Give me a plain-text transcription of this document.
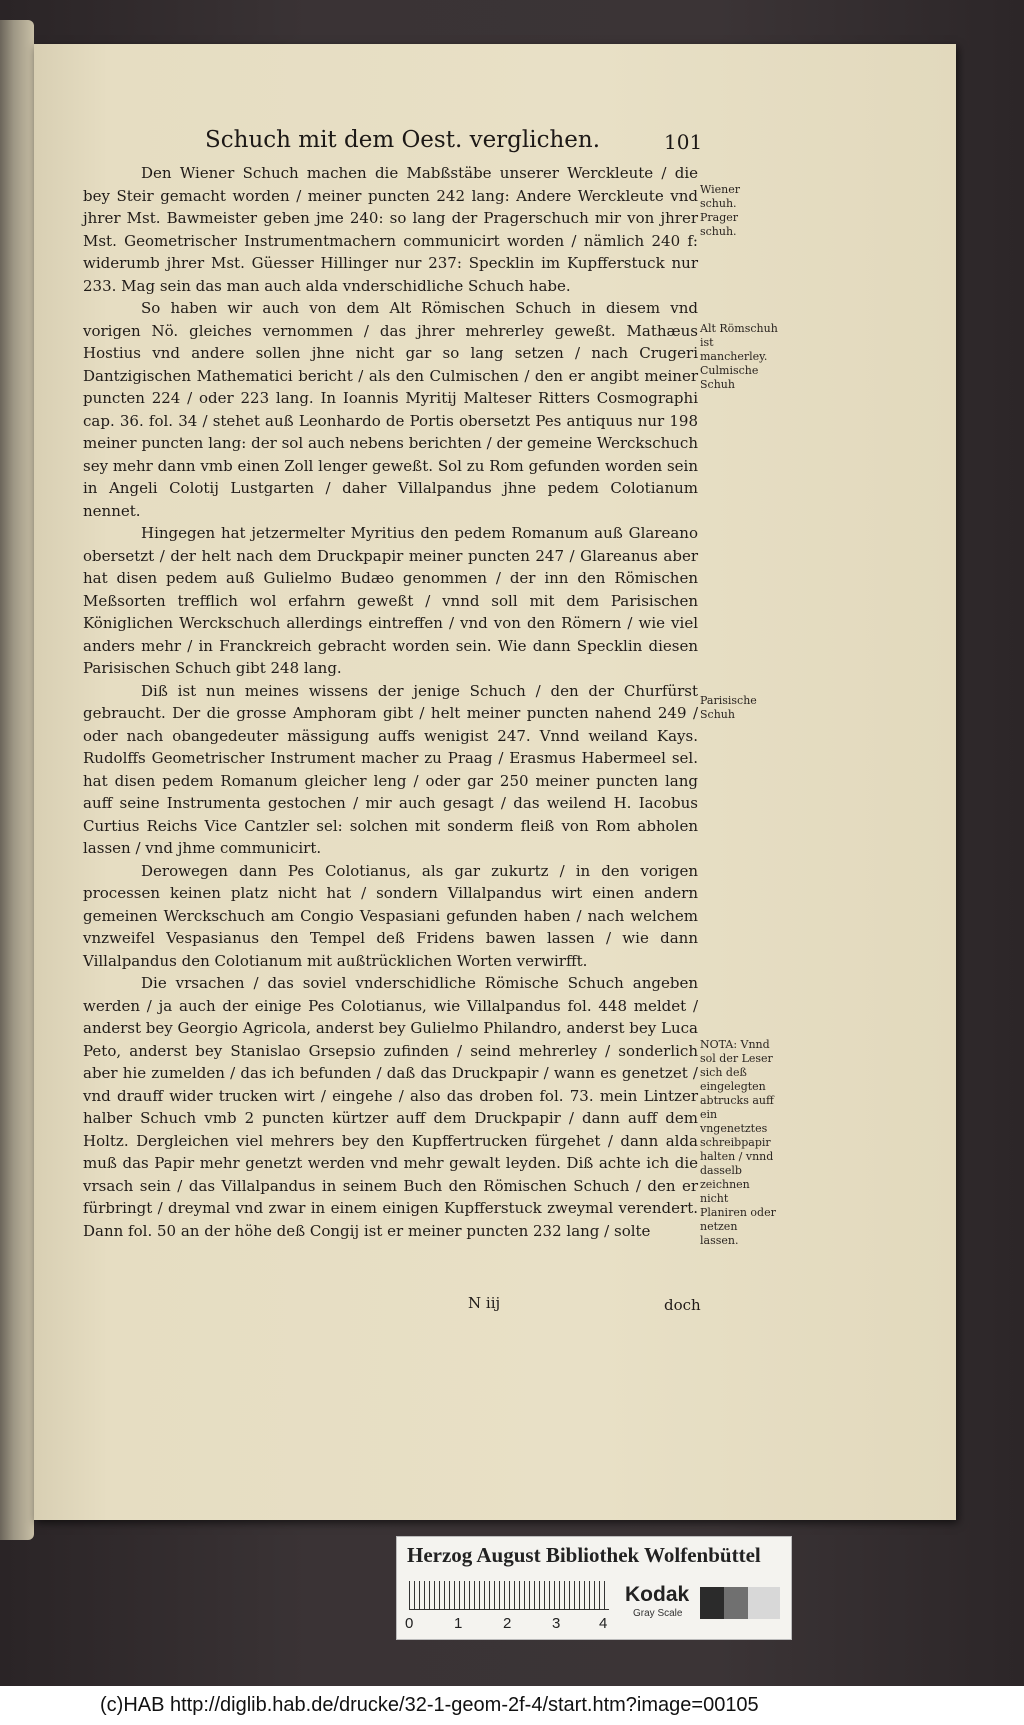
Schuch mit dem Oest. verglichen.	101

Den Wiener Schuch machen die Mabßstäbe unserer Werckleute / die bey Steir gemacht worden / meiner puncten 242 lang: Andere Werckleute vnd jhrer Mst. Bawmeister geben jme 240: so lang der Pragerschuch mir von jhrer Mst. Geometrischer Instrumentmachern communicirt worden / nämlich 240 f: widerumb jhrer Mst. Güesser Hillinger nur 237: Specklin im Kupfferstuck nur 233. Mag sein das man auch alda vnderschidliche Schuch habe.

So haben wir auch von dem Alt Römischen Schuch in diesem vnd vorigen Nö. gleiches vernommen / das jhrer mehrerley geweßt. Mathæus Hostius vnd andere sollen jhne nicht gar so lang setzen / nach Crugeri Dantzigischen Mathematici bericht / als den Culmischen / den er angibt meiner puncten 224 / oder 223 lang. In Ioannis Myritij Malteser Ritters Cosmographi cap. 36. fol. 34 / stehet auß Leonhardo de Portis obersetzt Pes antiquus nur 198 meiner puncten lang: der sol auch nebens berichten / der gemeine Werckschuch sey mehr dann vmb einen Zoll lenger geweßt. Sol zu Rom gefunden worden sein in Angeli Colotij Lustgarten / daher Villalpandus jhne pedem Colotianum nennet.

Hingegen hat jetzermelter Myritius den pedem Romanum auß Glareano obersetzt / der helt nach dem Druckpapir meiner puncten 247 / Glareanus aber hat disen pedem auß Gulielmo Budæo genommen / der inn den Römischen Meßsorten trefflich wol erfahrn geweßt / vnnd soll mit dem Parisischen Königlichen Werckschuch allerdings eintreffen / vnd von den Römern / wie viel anders mehr / in Franckreich gebracht worden sein. Wie dann Specklin diesen Parisischen Schuch gibt 248 lang.

Diß ist nun meines wissens der jenige Schuch / den der Churfürst gebraucht. Der die grosse Amphoram gibt / helt meiner puncten nahend 249 / oder nach obangedeuter mässigung auffs wenigist 247. Vnnd weiland Kays. Rudolffs Geometrischer Instrument macher zu Praag / Erasmus Habermeel sel. hat disen pedem Romanum gleicher leng / oder gar 250 meiner puncten lang auff seine Instrumenta gestochen / mir auch gesagt / das weilend H. Iacobus Curtius Reichs Vice Cantzler sel: solchen mit sonderm fleiß von Rom abholen lassen / vnd jhme communicirt.

Derowegen dann Pes Colotianus, als gar zukurtz / in den vorigen processen keinen platz nicht hat / sondern Villalpandus wirt einen andern gemeinen Werckschuch am Congio Vespasiani gefunden haben / nach welchem vnzweifel Vespasianus den Tempel deß Fridens bawen lassen / wie dann Villalpandus den Colotianum mit außtrücklichen Worten verwirfft.

Die vrsachen / das soviel vnderschidliche Römische Schuch angeben werden / ja auch der einige Pes Colotianus, wie Villalpandus fol. 448 meldet / anderst bey Georgio Agricola, anderst bey Gulielmo Philandro, anderst bey Luca Peto, anderst bey Stanislao Grsepsio zufinden / seind mehrerley / sonderlich aber hie zumelden / das ich befunden / daß das Druckpapir / wann es genetzet / vnd drauff wider trucken wirt / eingehe / also das droben fol. 73. mein Lintzer halber Schuch vmb 2 puncten kürtzer auff dem Druckpapir / dann auff dem Holtz. Dergleichen viel mehrers bey den Kupffertrucken fürgehet / dann alda muß das Papir mehr genetzt werden vnd mehr gewalt leyden. Diß achte ich die vrsach sein / das Villalpandus in seinem Buch den Römischen Schuch / den er fürbringt / dreymal vnd zwar in einem einigen Kupfferstuck zweymal verendert. Dann fol. 50 an der höhe deß Congij ist er meiner puncten 232 lang / solte

Wiener schuh. Prager schuh.
Alt Römschuh ist mancherley. Culmische Schuh
Parisische Schuh
NOTA: Vnnd sol der Leser sich deß eingelegten abtrucks auff ein vngenetztes schreibpapir halten / vnnd dasselb zeichnen nicht Planiren oder netzen lassen.
N iij	doch
Herzog August Bibliothek Wolfenbüttel
0	1	2	3	4
Kodak
Gray Scale
(c)HAB http://diglib.hab.de/drucke/32-1-geom-2f-4/start.htm?image=00105
